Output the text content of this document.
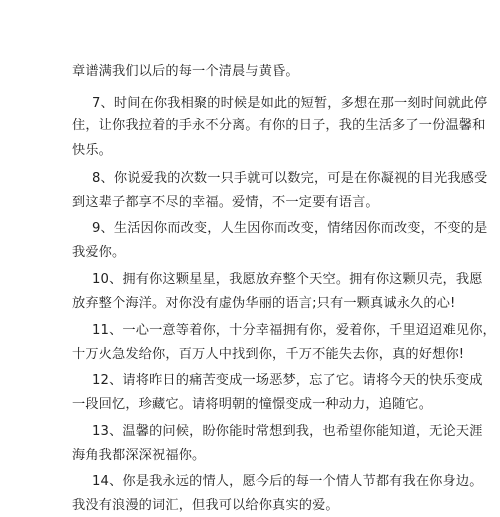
章谱满我们以后的每一个清晨与黄昏。
7、时间在你我相聚的时候是如此的短暂，多想在那一刻时间就此停
住，让你我拉着的手永不分离。有你的日子，我的生活多了一份温馨和
快乐。
8、你说爱我的次数一只手就可以数完，可是在你凝视的目光我感受
到这辈子都享不尽的幸福。爱情，不一定要有语言。
9、生活因你而改变，人生因你而改变，情绪因你而改变，不变的是
我爱你。
10、拥有你这颗星星，我愿放弃整个天空。拥有你这颗贝壳，我愿
放弃整个海洋。对你没有虚伪华丽的语言;只有一颗真诚永久的心!
11、一心一意等着你，十分幸福拥有你，爱着你，千里迢迢难见你，
十万火急发给你，百万人中找到你，千万不能失去你，真的好想你!
12、请将昨日的痛苦变成一场恶梦，忘了它。请将今天的快乐变成
一段回忆，珍藏它。请将明朝的憧憬变成一种动力，追随它。
13、温馨的问候，盼你能时常想到我，也希望你能知道，无论天涯
海角我都深深祝福你。
14、你是我永远的情人，愿今后的每一个情人节都有我在你身边。
我没有浪漫的词汇，但我可以给你真实的爱。
